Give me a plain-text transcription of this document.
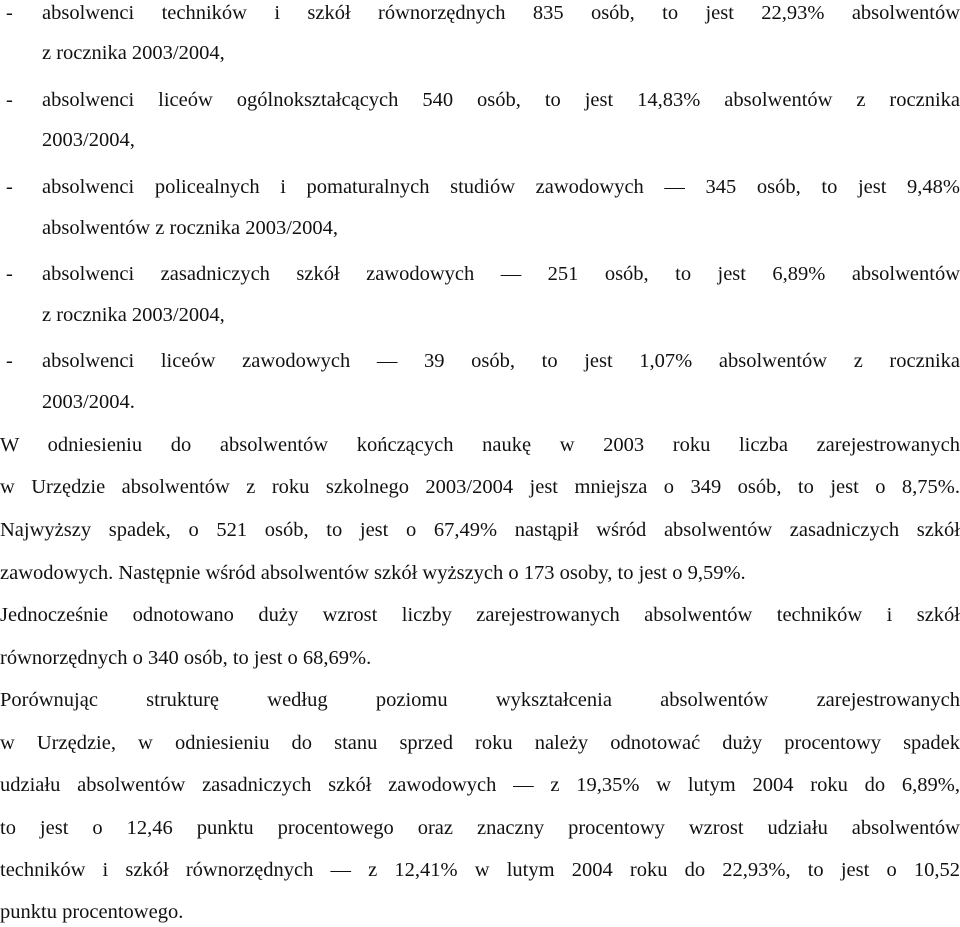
- absolwenci techników i szkół równorzędnych 835 osób, to jest 22,93% absolwentów
z rocznika 2003/2004,
- absolwenci liceów ogólnokształcących 540 osób, to jest 14,83% absolwentów z rocznika
2003/2004,
- absolwenci policealnych i pomaturalnych studiów zawodowych — 345 osób, to jest 9,48%
absolwentów z rocznika 2003/2004,
- absolwenci zasadniczych szkół zawodowych — 251 osób, to jest 6,89% absolwentów
z rocznika 2003/2004,
- absolwenci liceów zawodowych — 39 osób, to jest 1,07% absolwentów z rocznika
2003/2004.
W odniesieniu do absolwentów kończących naukę w 2003 roku liczba zarejestrowanych
w Urzędzie absolwentów z roku szkolnego 2003/2004 jest mniejsza o 349 osób, to jest o 8,75%.
Najwyższy spadek, o 521 osób, to jest o 67,49% nastąpił wśród absolwentów zasadniczych szkół
zawodowych. Następnie wśród absolwentów szkół wyższych o 173 osoby, to jest o 9,59%.
Jednocześnie odnotowano duży wzrost liczby zarejestrowanych absolwentów techników i szkół
równorzędnych o 340 osób, to jest o 68,69%.
Porównując strukturę według poziomu wykształcenia absolwentów zarejestrowanych
w Urzędzie, w odniesieniu do stanu sprzed roku należy odnotować duży procentowy spadek
udziału absolwentów zasadniczych szkół zawodowych — z 19,35% w lutym 2004 roku do 6,89%,
to jest o 12,46 punktu procentowego oraz znaczny procentowy wzrost udziału absolwentów
techników i szkół równorzędnych — z 12,41% w lutym 2004 roku do 22,93%, to jest o 10,52
punktu procentowego.
